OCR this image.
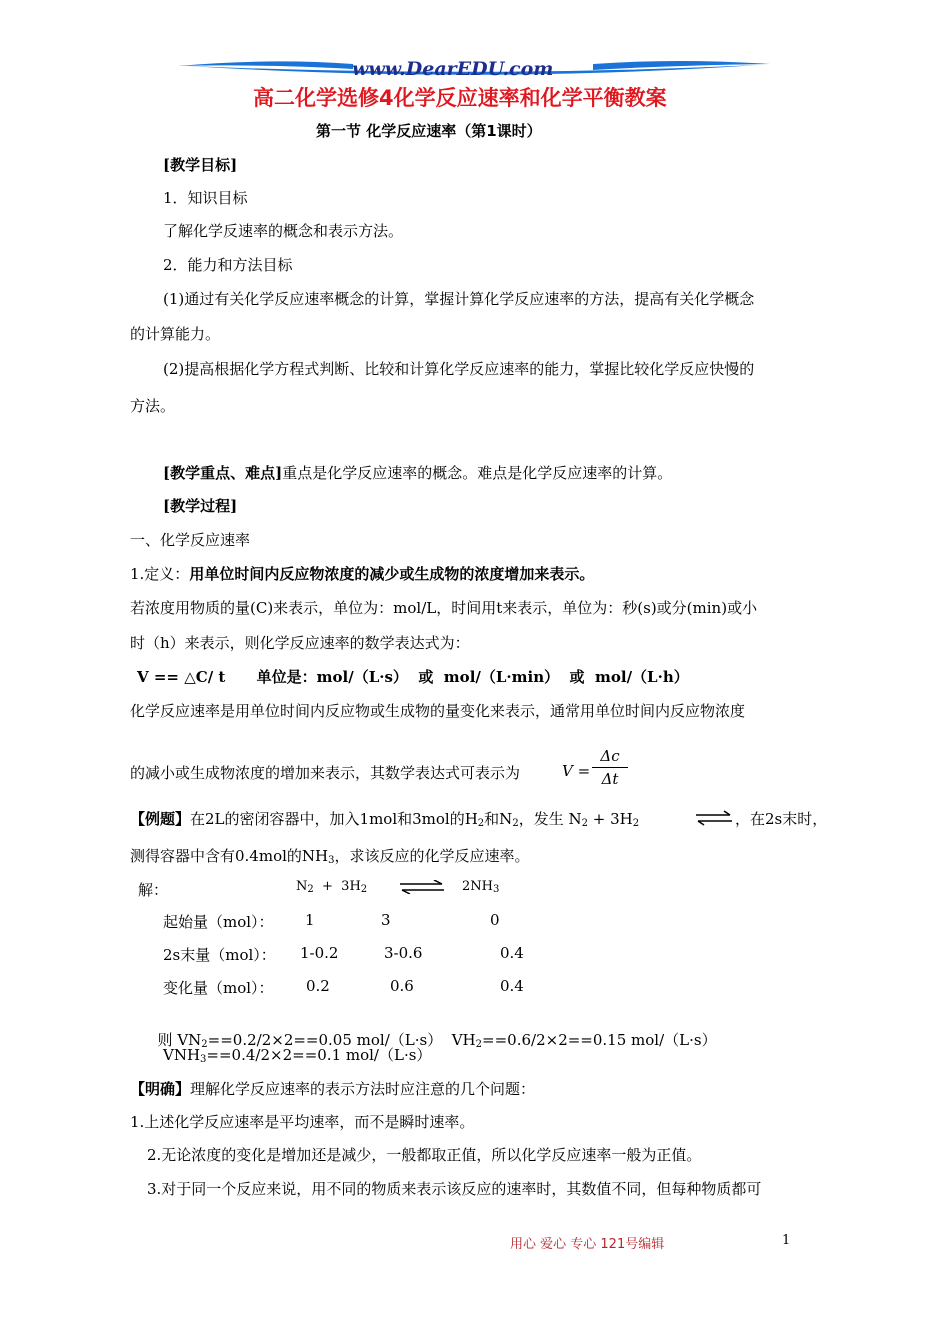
www.DearEDU.com
高二化学选修4化学反应速率和化学平衡教案
第一节 化学反应速率（第1课时）
[教学目标]
1．知识目标
了解化学反速率的概念和表示方法。
2．能力和方法目标
(1)通过有关化学反应速率概念的计算，掌握计算化学反应速率的方法，提高有关化学概念
的计算能力。
(2)提高根据化学方程式判断、比较和计算化学反应速率的能力，掌握比较化学反应快慢的
方法。
[教学重点、难点]重点是化学反应速率的概念。难点是化学反应速率的计算。
[教学过程]
一、化学反应速率
1.定义：用单位时间内反应物浓度的减少或生成物的浓度增加来表示。
若浓度用物质的量(C)来表示，单位为：mol/L，时间用t来表示，单位为：秒(s)或分(min)或小
时（h）来表示，则化学反应速率的数学表达式为：
V == △C/ t      单位是：mol/（L·s）  或  mol/（L·min）  或  mol/（L·h）
化学反应速率是用单位时间内反应物或生成物的量变化来表示，通常用单位时间内反应物浓度
的减小或生成物浓度的增加来表示，其数学表达式可表示为	$V = \frac{\Delta c}{\Delta t}$
【例题】在2L的密闭容器中，加入1mol和3mol的$H_2$和$N_2$，发生 $N_2 + 3H_2$	⇌ ，在2s末时，
测得容器中含有0.4mol的$NH_3$，求该反应的化学反应速率。
解：	$N_2 + 3H_2$	$2NH_3$
起始量（mol）： 1	3	0
2s末量（mol）： 1-0.2	3-0.6	0.4
变化量（mol）： 0.2	0.6	0.4

则 $VN_2==0.2/2\times 2==0.05$ mol/（L·s）  $VH_2==0.6/2\times 2==0.15$ mol/（L·s）

$VNH_3==0.4/2\times 2==0.1$ mol/（L·s）
【明确】理解化学反应速率的表示方法时应注意的几个问题：
1.上述化学反应速率是平均速率，而不是瞬时速率。
2.无论浓度的变化是增加还是减少，一般都取正值，所以化学反应速率一般为正值。
3.对于同一个反应来说，用不同的物质来表示该反应的速率时，其数值不同，但每种物质都可
用心 爱心 专心 121号编辑	1
